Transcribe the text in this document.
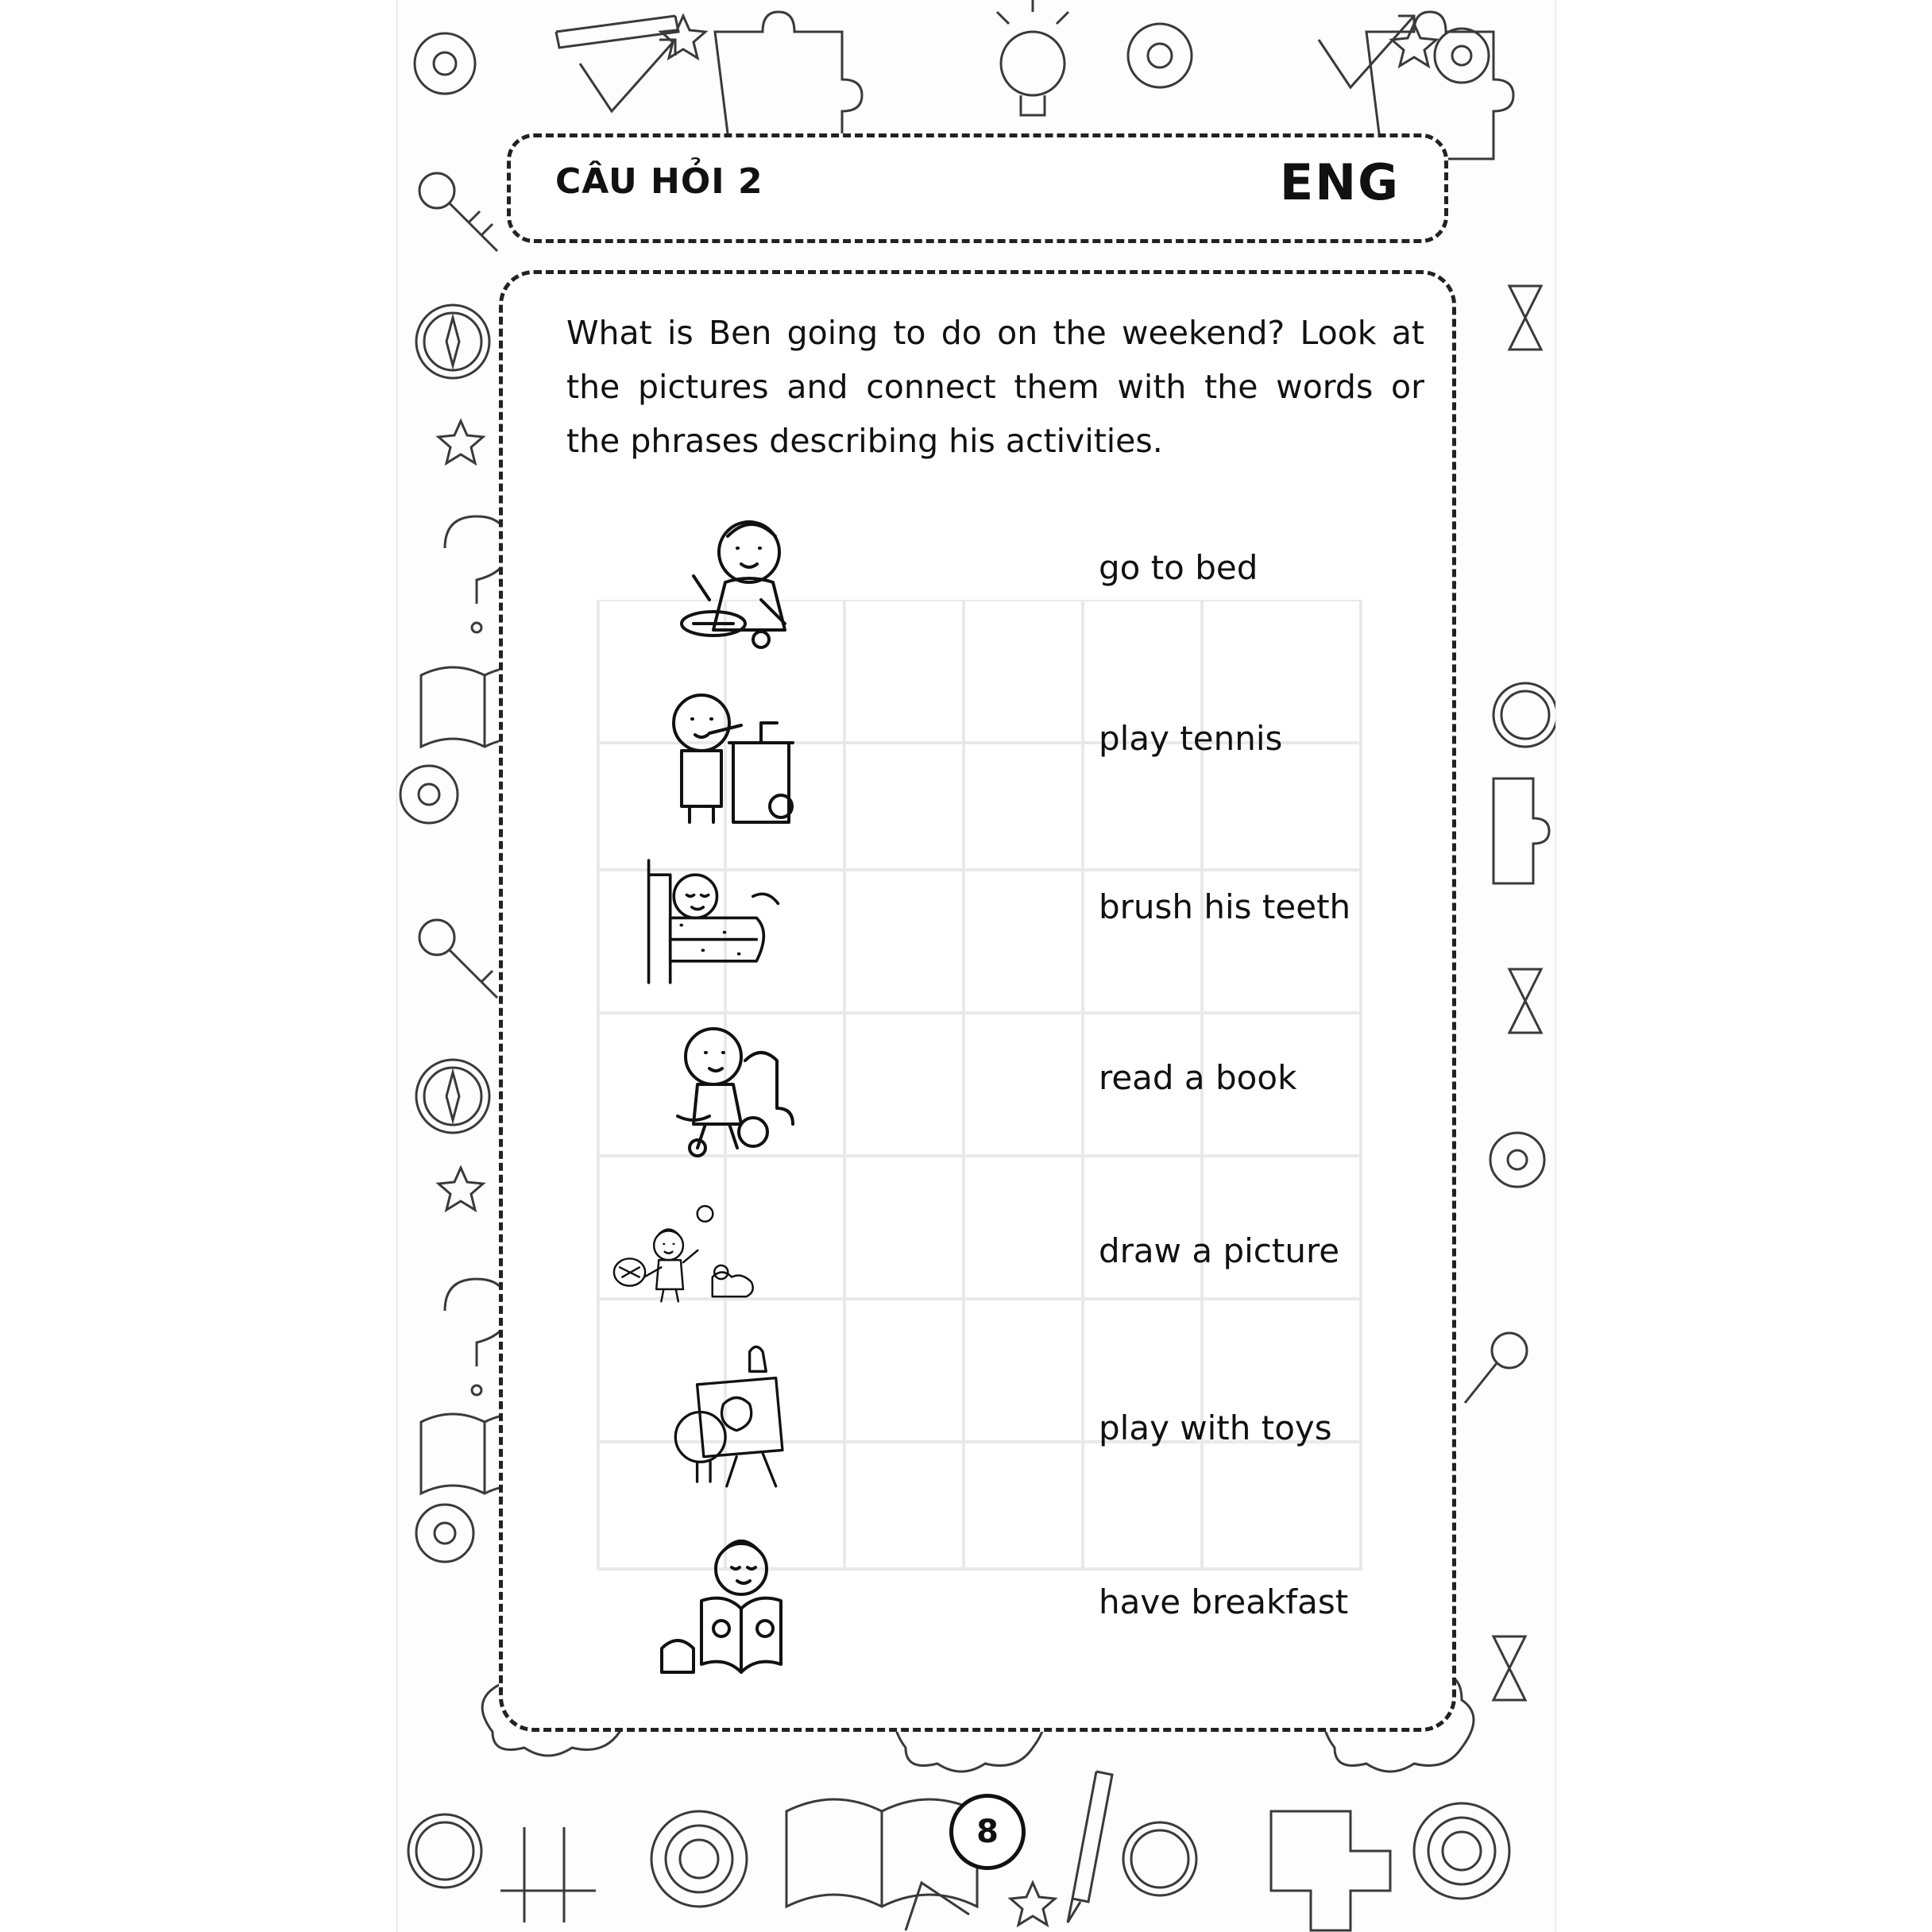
CÂU HỎI 2	ENG
What is Ben going to do on the weekend? Look at the pictures and connect them with the words or the phrases describing his activities.
go to bed
play tennis
brush his teeth
read a book
draw a picture
play with toys
have breakfast
8
